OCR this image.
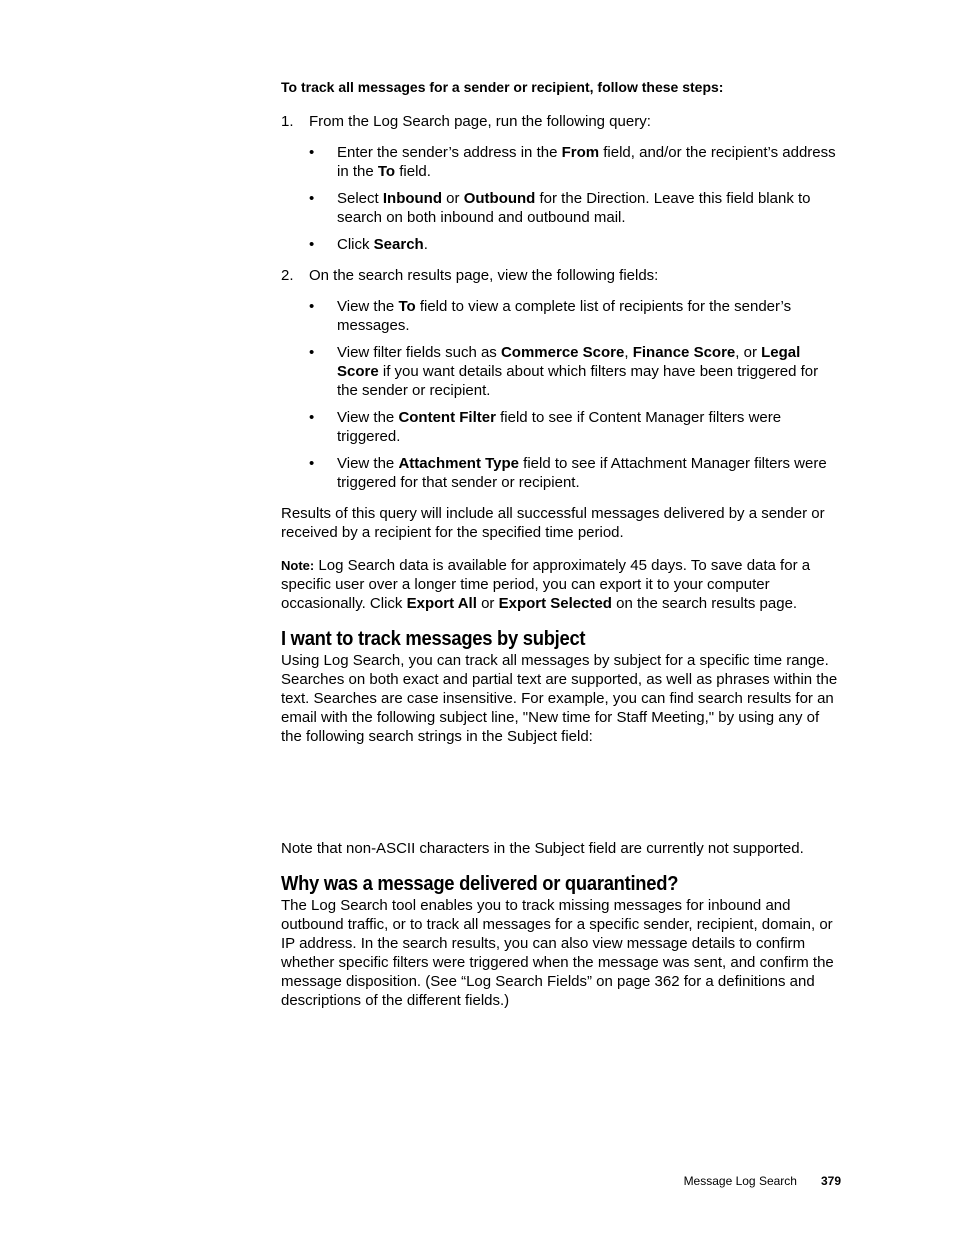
To track all messages for a sender or recipient, follow these steps:

1. From the Log Search page, run the following query:
• Enter the sender’s address in the From field, and/or the recipient’s address in the To field.
• Select Inbound or Outbound for the Direction. Leave this field blank to search on both inbound and outbound mail.
• Click Search.
2. On the search results page, view the following fields:
• View the To field to view a complete list of recipients for the sender’s messages.
• View filter fields such as Commerce Score, Finance Score, or Legal Score if you want details about which filters may have been triggered for the sender or recipient.
• View the Content Filter field to see if Content Manager filters were triggered.
• View the Attachment Type field to see if Attachment Manager filters were triggered for that sender or recipient.

Results of this query will include all successful messages delivered by a sender or received by a recipient for the specified time period.

Note: Log Search data is available for approximately 45 days. To save data for a specific user over a longer time period, you can export it to your computer occasionally. Click Export All or Export Selected on the search results page.

I want to track messages by subject

Using Log Search, you can track all messages by subject for a specific time range. Searches on both exact and partial text are supported, as well as phrases within the text. Searches are case insensitive. For example, you can find search results for an email with the following subject line, "New time for Staff Meeting," by using any of the following search strings in the Subject field:

Note that non-ASCII characters in the Subject field are currently not supported.

Why was a message delivered or quarantined?

The Log Search tool enables you to track missing messages for inbound and outbound traffic, or to track all messages for a specific sender, recipient, domain, or IP address. In the search results, you can also view message details to confirm whether specific filters were triggered when the message was sent, and confirm the message disposition. (See “Log Search Fields” on page 362 for a definitions and descriptions of the different fields.)

Message Log Search 379
